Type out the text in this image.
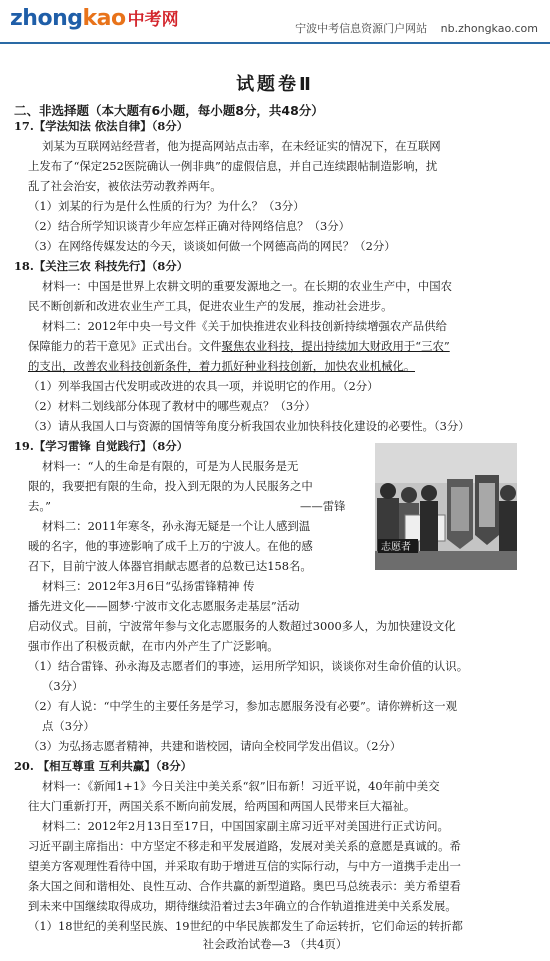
zhongkao 中考网	宁波中考信息资源门户网站 nb.zhongkao.com
试题卷Ⅱ
二、非选择题（本大题有6小题，每小题8分，共48分）
17.【学法知法 依法自律】（8分）
刘某为互联网站经营者，他为提高网站点击率，在未经证实的情况下，在互联网
上发布了“保定252医院确认一例非典”的虚假信息，并自己连续跟帖制造影响，扰
乱了社会治安，被依法劳动教养两年。
（1）刘某的行为是什么性质的行为？为什么？（3分）
（2）结合所学知识谈青少年应怎样正确对待网络信息？（3分）
（3）在网络传媒发达的今天，谈谈如何做一个网德高尚的网民？（2分）
18.【关注三农 科技先行】（8分）
材料一：中国是世界上农耕文明的重要发源地之一。在长期的农业生产中，中国农
民不断创新和改进农业生产工具，促进农业生产的发展，推动社会进步。
材料二：2012年中央一号文件《关于加快推进农业科技创新持续增强农产品供给
保障能力的若干意见》正式出台。文件聚焦农业科技，提出持续加大财政用于“三农”
的支出，改善农业科技创新条件，着力抓好种业科技创新，加快农业机械化。
（1）列举我国古代发明或改进的农具一项，并说明它的作用。（2分）
（2）材料二划线部分体现了教材中的哪些观点？（3分）
（3）请从我国人口与资源的国情等角度分析我国农业加快科技化建设的必要性。（3分）
19.【学习雷锋 自觉践行】（8分）
材料一：“人的生命是有限的，可是为人民服务是无
限的，我要把有限的生命，投入到无限的为人民服务之中
去。”	——雷锋
材料二：2011年寒冬，孙永海无疑是一个让人感到温
暖的名字，他的事迹影响了成千上万的宁波人。在他的感
召下，目前宁波人体器官捐献志愿者的总数已达158名。
材料三：2012年3月6日“弘扬雷锋精神 传
播先进文化——圆梦·宁波市文化志愿服务走基层”活动
启动仪式。目前，宁波常年参与文化志愿服务的人数超过3000多人，为加快建设文化
强市作出了积极贡献，在市内外产生了广泛影响。
（1）结合雷锋、孙永海及志愿者们的事迹，运用所学知识，谈谈你对生命价值的认识。
（3分）
（2）有人说：“中学生的主要任务是学习，参加志愿服务没有必要”。请你辨析这一观
点（3分）
（3）为弘扬志愿者精神，共建和谐校园，请向全校同学发出倡议。（2分）
20. 【相互尊重 互利共赢】（8分）
材料一：《新闻1+1》今日关注中美关系“叙”旧布新！习近平说，40年前中美交
往大门重新打开，两国关系不断向前发展，给两国和两国人民带来巨大福祉。
材料二：2012年2月13日至17日，中国国家副主席习近平对美国进行正式访问。
习近平副主席指出：中方坚定不移走和平发展道路，发展对美关系的意愿是真诚的。希
望美方客观理性看待中国，并采取有助于增进互信的实际行动，与中方一道携手走出一
条大国之间和谐相处、良性互动、合作共赢的新型道路。奥巴马总统表示：美方希望看
到未来中国继续取得成功，期待继续沿着过去3年确立的合作轨道推进美中关系发展。
（1）18世纪的美利坚民族、19世纪的中华民族都发生了命运转折，它们命运的转折都
志愿者
社会政治试卷—3 （共4页）
